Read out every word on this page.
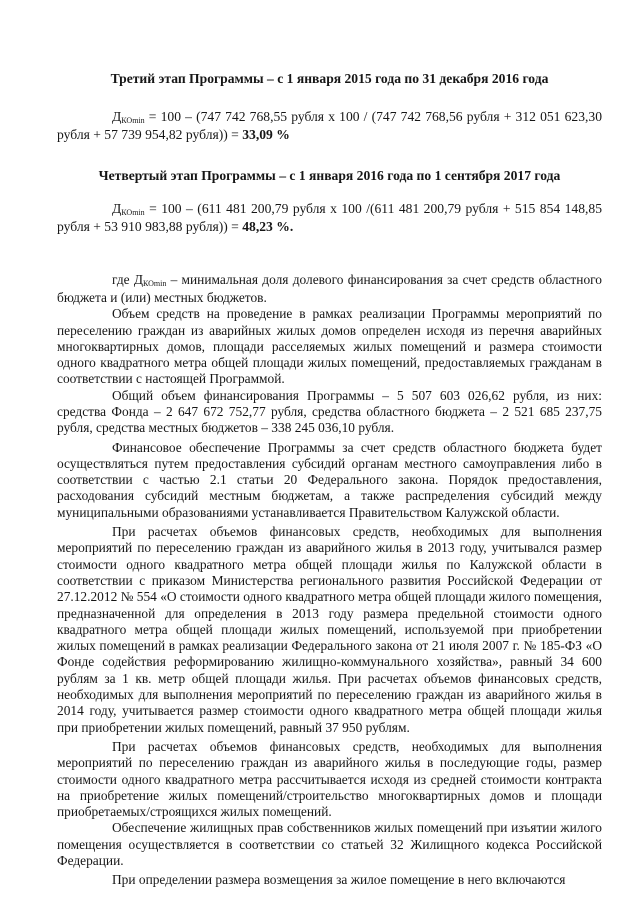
Третий этап Программы – с 1 января 2015 года по 31 декабря 2016 года

$Д_{КОmin} = 100 - (747$ 742 768,55 рубля х 100 / (747 742 768,56 рубля + 312 051 623,30 рубля + 57 739 954,82 рубля)) = 33,09 %

Четвертый этап Программы – с 1 января 2016 года по 1 сентября 2017 года

$Д_{КОmin} = 100 - (611$ 481 200,79 рубля х 100 /(611 481 200,79 рубля + 515 854 148,85 рубля + 53 910 983,88 рубля)) = 48,23 %.

где $Д_{КОmin}$ – минимальная доля долевого финансирования за счет средств областного бюджета и (или) местных бюджетов.

Объем средств на проведение в рамках реализации Программы мероприятий по переселению граждан из аварийных жилых домов определен исходя из перечня аварийных многоквартирных домов, площади расселяемых жилых помещений и размера стоимости одного квадратного метра общей площади жилых помещений, предоставляемых гражданам в соответствии с настоящей Программой.

Общий объем финансирования Программы – 5 507 603 026,62 рубля, из них: средства Фонда – 2 647 672 752,77 рубля, средства областного бюджета – 2 521 685 237,75 рубля, средства местных бюджетов – 338 245 036,10 рубля.

Финансовое обеспечение Программы за счет средств областного бюджета будет осуществляться путем предоставления субсидий органам местного самоуправления либо в соответствии с частью 2.1 статьи 20 Федерального закона. Порядок предоставления, расходования субсидий местным бюджетам, а также распределения субсидий между муниципальными образованиями устанавливается Правительством Калужской области.

При расчетах объемов финансовых средств, необходимых для выполнения мероприятий по переселению граждан из аварийного жилья в 2013 году, учитывался размер стоимости одного квадратного метра общей площади жилья по Калужской области в соответствии с приказом Министерства регионального развития Российской Федерации от 27.12.2012 № 554 «О стоимости одного квадратного метра общей площади жилого помещения, предназначенной для определения в 2013 году размера предельной стоимости одного квадратного метра общей площади жилых помещений, используемой при приобретении жилых помещений в рамках реализации Федерального закона от 21 июля 2007 г. № 185-ФЗ «О Фонде содействия реформированию жилищно-коммунального хозяйства», равный 34 600 рублям за 1 кв. метр общей площади жилья. При расчетах объемов финансовых средств, необходимых для выполнения мероприятий по переселению граждан из аварийного жилья в 2014 году, учитывается размер стоимости одного квадратного метра общей площади жилья при приобретении жилых помещений, равный 37 950 рублям.

При расчетах объемов финансовых средств, необходимых для выполнения мероприятий по переселению граждан из аварийного жилья в последующие годы, размер стоимости одного квадратного метра рассчитывается исходя из средней стоимости контракта на приобретение жилых помещений/строительство многоквартирных домов и площади приобретаемых/строящихся жилых помещений.

Обеспечение жилищных прав собственников жилых помещений при изъятии жилого помещения осуществляется в соответствии со статьей 32 Жилищного кодекса Российской Федерации.

При определении размера возмещения за жилое помещение в него включаются
